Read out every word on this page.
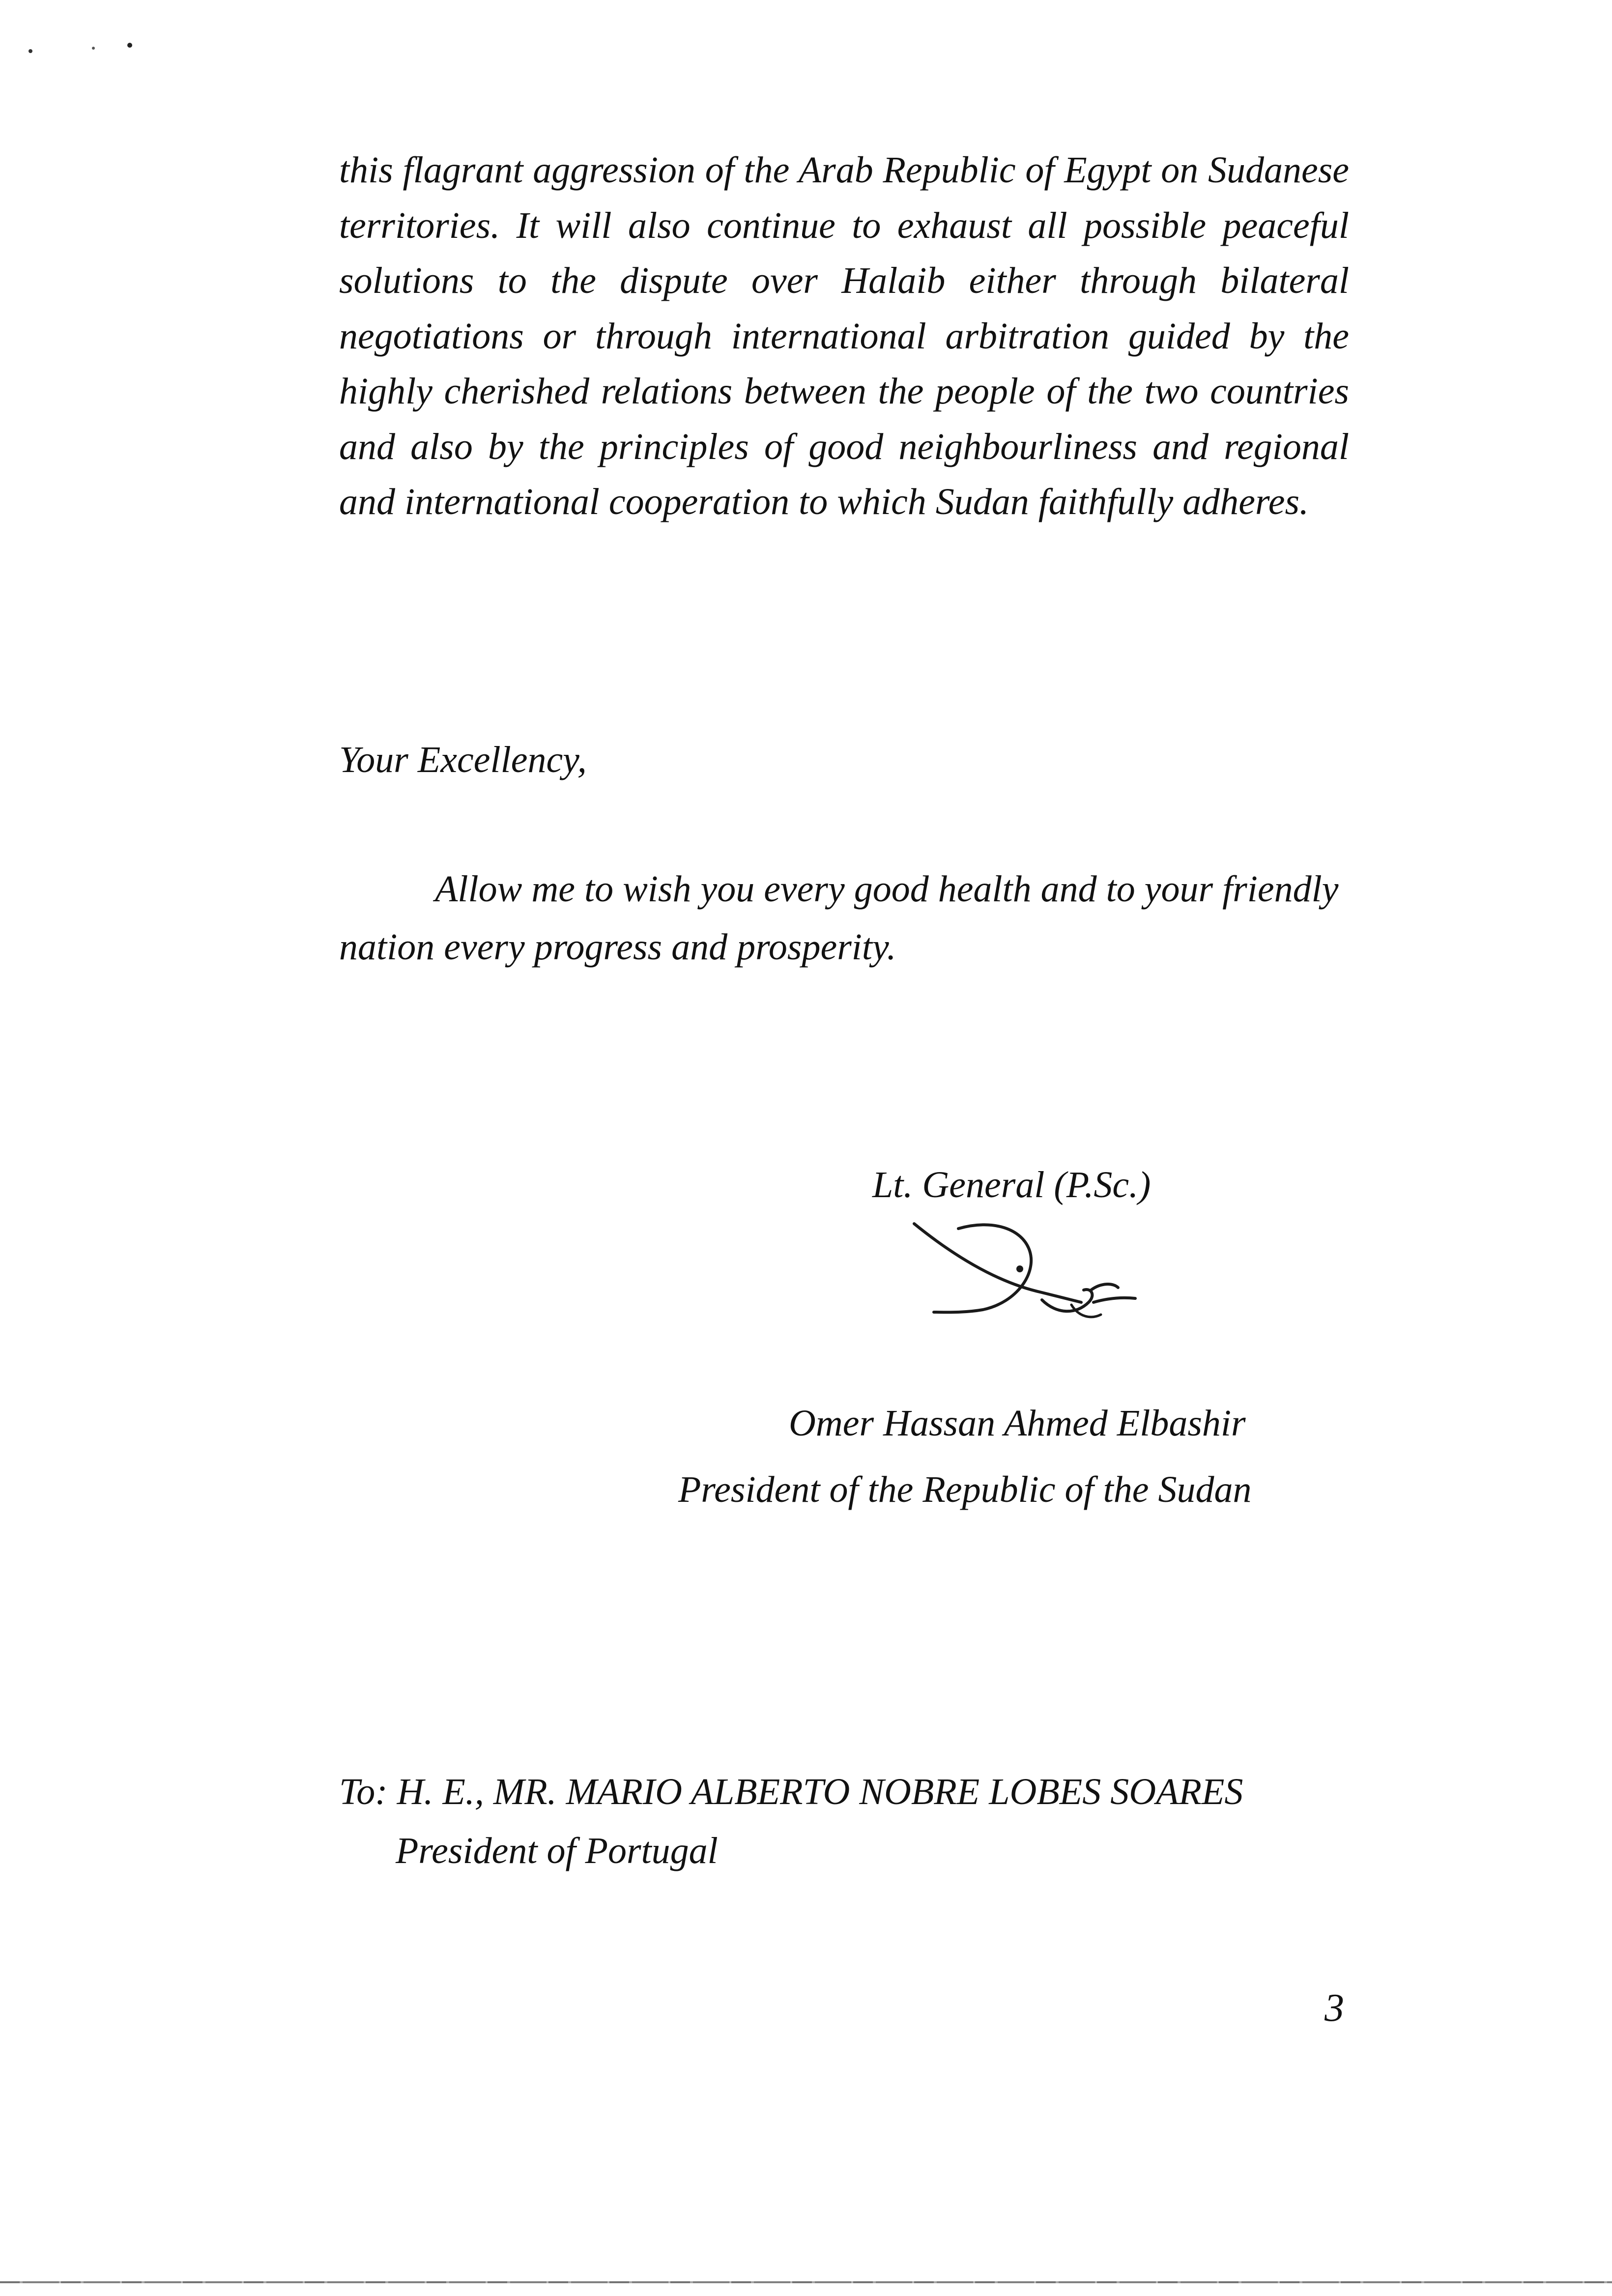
this flagrant aggression of the Arab Republic of Egypt on Sudanese territories. It will also continue to exhaust all possible peaceful solutions to the dispute over Halaib either through bilateral negotiations or through international arbitration guided by the highly cherished relations between the people of the two countries and also by the principles of good neighbourliness and regional and international cooperation to which Sudan faithfully adheres.

Your Excellency,

Allow me to wish you every good health and to your friendly nation every progress and prosperity.

Lt. General (P.Sc.)

Omer Hassan Ahmed Elbashir

President of the Republic of the Sudan

To: H. E., MR. MARIO ALBERTO NOBRE LOBES SOARES

President of Portugal

3
